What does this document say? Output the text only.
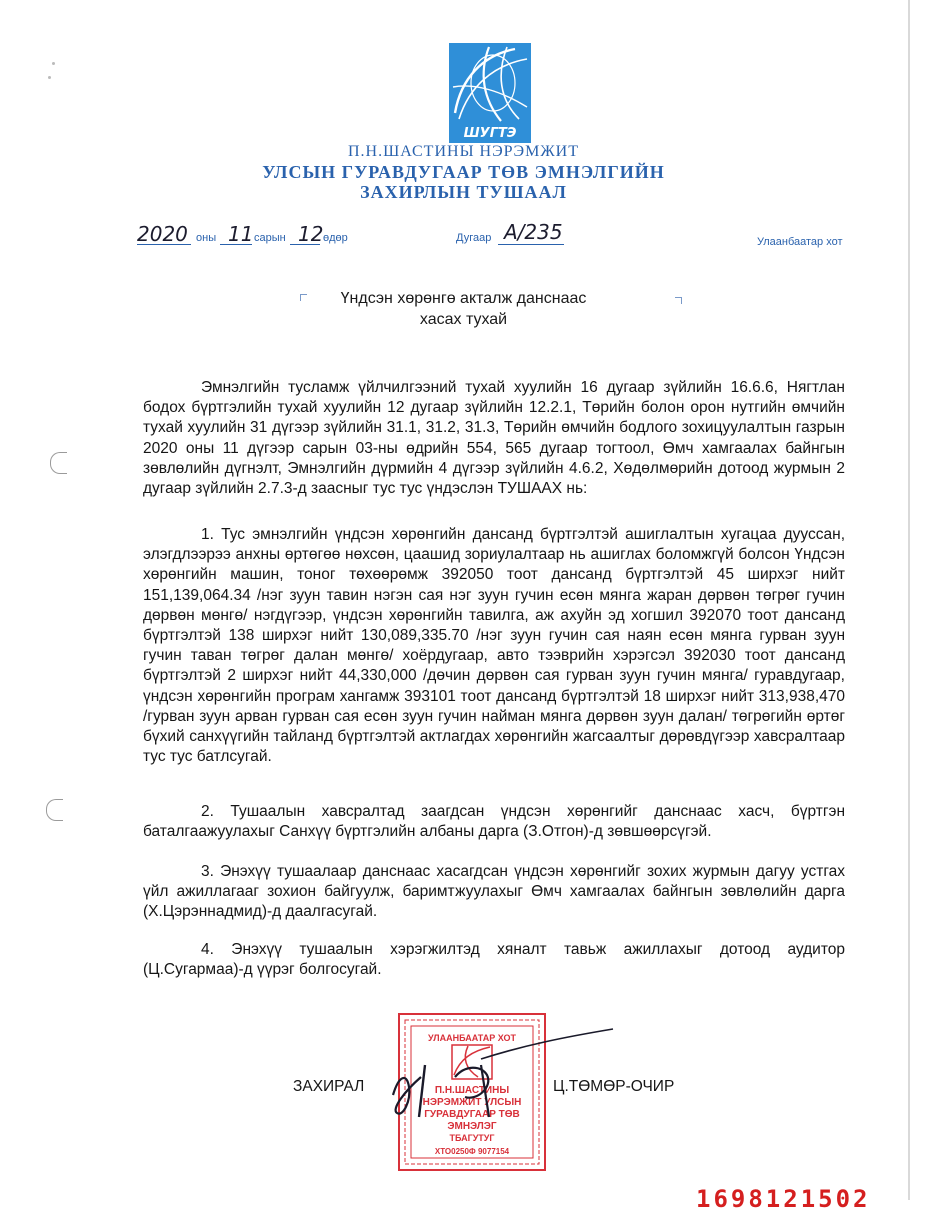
ШУГТЭ
П.Н.ШАСТИНЫ НЭРЭМЖИТ
УЛСЫН ГУРАВДУГААР ТӨВ ЭМНЭЛГИЙН
ЗАХИРЛЫН ТУШААЛ
2020 оны 11 сарын 12 өдөр	Дугаар А/235	Улаанбаатар хот
Үндсэн хөрөнгө акталж данснаас
хасах тухай

Эмнэлгийн тусламж үйлчилгээний тухай хуулийн 16 дугаар зүйлийн 16.6.6, Нягтлан бодох бүртгэлийн тухай хуулийн 12 дугаар зүйлийн 12.2.1, Төрийн болон орон нутгийн өмчийн тухай хуулийн 31 дүгээр зүйлийн 31.1, 31.2, 31.3, Төрийн өмчийн бодлого зохицуулалтын газрын 2020 оны 11 дүгээр сарын 03-ны өдрийн 554, 565 дугаар тогтоол, Өмч хамгаалах байнгын зөвлөлийн дүгнэлт, Эмнэлгийн дүрмийн 4 дүгээр зүйлийн 4.6.2, Хөдөлмөрийн дотоод журмын 2 дугаар зүйлийн 2.7.3-д заасныг тус тус үндэслэн ТУШААХ нь:

1. Тус эмнэлгийн үндсэн хөрөнгийн дансанд бүртгэлтэй ашиглалтын хугацаа дууссан, элэгдлээрээ анхны өртөгөө нөхсөн, цаашид зориулалтаар нь ашиглах боломжгүй болсон Үндсэн хөрөнгийн машин, тоног төхөөрөмж 392050 тоот дансанд бүртгэлтэй 45 ширхэг нийт 151,139,064.34 /нэг зуун тавин нэгэн сая нэг зуун гучин есөн мянга жаран дөрвөн төгрөг гучин дөрвөн мөнгө/ нэгдүгээр, үндсэн хөрөнгийн тавилга, аж ахуйн эд хогшил 392070 тоот дансанд бүртгэлтэй 138 ширхэг нийт 130,089,335.70 /нэг зуун гучин сая наян есөн мянга гурван зуун гучин таван төгрөг далан мөнгө/ хоёрдугаар, авто тээврийн хэрэгсэл 392030 тоот дансанд бүртгэлтэй 2 ширхэг нийт 44,330,000 /дөчин дөрвөн сая гурван зуун гучин мянга/ гуравдугаар, үндсэн хөрөнгийн програм хангамж 393101 тоот дансанд бүртгэлтэй 18 ширхэг нийт 313,938,470 /гурван зуун арван гурван сая есөн зуун гучин найман мянга дөрвөн зуун далан/ төгрөгийн өртөг бүхий санхүүгийн тайланд бүртгэлтэй актлагдах хөрөнгийн жагсаалтыг дөрөвдүгээр хавсралтаар тус тус батлсугай.

2. Тушаалын хавсралтад заагдсан үндсэн хөрөнгийг данснаас хасч, бүртгэн баталгаажуулахыг Санхүү бүртгэлийн албаны дарга (З.Отгон)-д зөвшөөрсүгэй.

3. Энэхүү тушаалаар данснаас хасагдсан үндсэн хөрөнгийг зохих журмын дагуу устгах үйл ажиллагааг зохион байгуулж, баримтжуулахыг Өмч хамгаалах байнгын зөвлөлийн дарга (Х.Цэрэннадмид)-д даалгасугай.

4. Энэхүү тушаалын хэрэгжилтэд хяналт тавьж ажиллахыг дотоод аудитор (Ц.Сугармаа)-д үүрэг болгосугай.

УЛААНБААТАР ХОТ
П.Н.ШАСТИНЫ
НЭРЭМЖИТ УЛСЫН
ГУРАВДУГААР ТӨВ
ЭМНЭЛЭГ
ТБАГУТУГ
ХТО0250Ф 9077154
ЗАХИРАЛ	Ц.ТӨМӨР-ОЧИР
1698121502
